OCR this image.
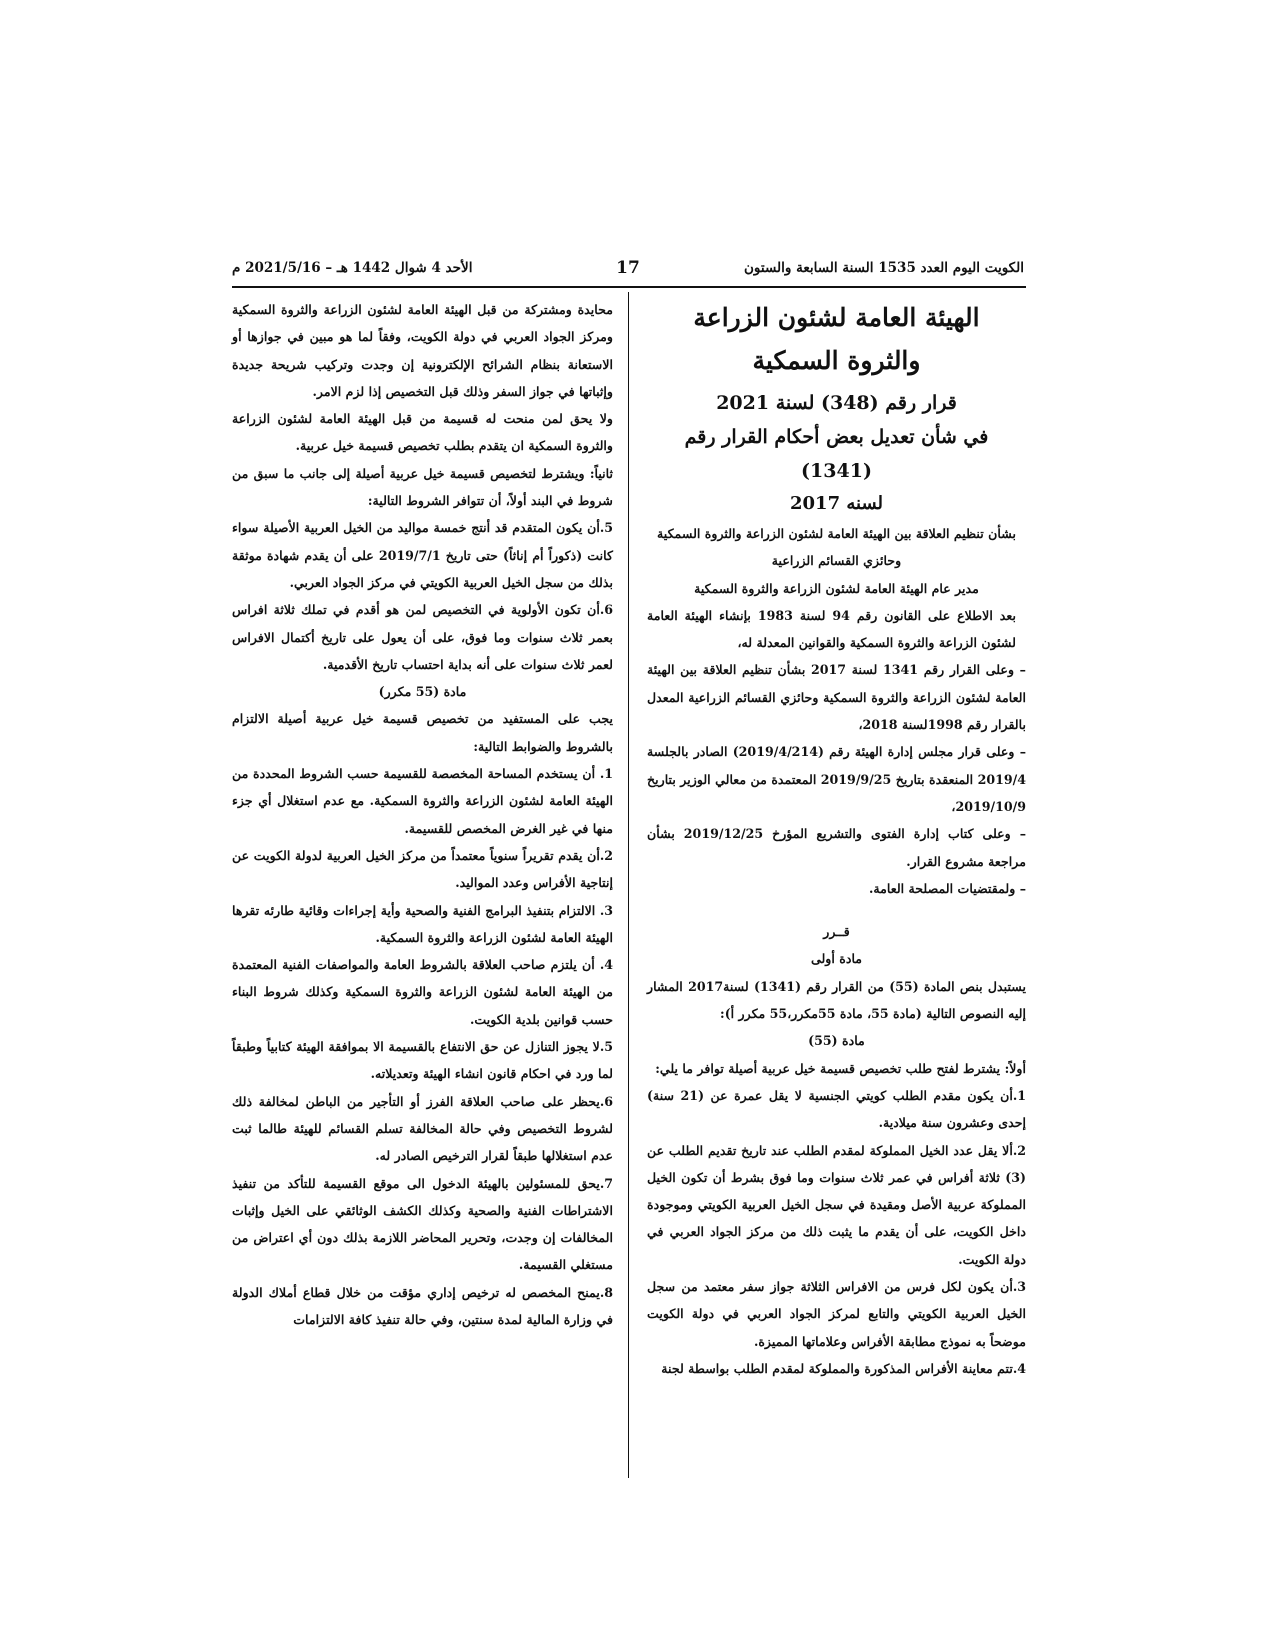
الكويت اليوم العدد 1535 السنة السابعة والستون
17
الأحد 4 شوال 1442 هـ – 2021/5/16 م

الهيئة العامة لشئون الزراعة

والثروة السمكية

قرار رقم (348) لسنة 2021

في شأن تعديل بعض أحكام القرار رقم (1341)

لسنه 2017

بشأن تنظيم العلاقة بين الهيئة العامة لشئون الزراعة والثروة السمكية

وحائزي القسائم الزراعية

مدير عام الهيئة العامة لشئون الزراعة والثروة السمكية

بعد الاطلاع على القانون رقم 94 لسنة 1983 بإنشاء الهيئة العامة لشئون الزراعة والثروة السمكية والقوانين المعدلة له،

– وعلى القرار رقم 1341 لسنة 2017 بشأن تنظيم العلاقة بين الهيئة العامة لشئون الزراعة والثروة السمكية وحائزي القسائم الزراعية المعدل بالقرار رقم 1998لسنة 2018،

– وعلى قرار مجلس إدارة الهيئة رقم (2019/4/214) الصادر بالجلسة 2019/4 المنعقدة بتاريخ 2019/9/25 المعتمدة من معالي الوزير بتاريخ 2019/10/9،

– وعلى كتاب إدارة الفتوى والتشريع المؤرخ 2019/12/25 بشأن مراجعة مشروع القرار.

– ولمقتضيات المصلحة العامة.

قــرر

مادة أولى

يستبدل بنص المادة (55) من القرار رقم (1341) لسنة2017 المشار إليه النصوص التالية (مادة 55، مادة 55مكرر،55 مكرر أ):

مادة (55)

أولاً: يشترط لفتح طلب تخصيص قسيمة خيل عربية أصيلة توافر ما يلي:

1.أن يكون مقدم الطلب كويتي الجنسية لا يقل عمرة عن (21 سنة) إحدى وعشرون سنة ميلادية.

2.ألا يقل عدد الخيل المملوكة لمقدم الطلب عند تاريخ تقديم الطلب عن (3) ثلاثة أفراس في عمر ثلاث سنوات وما فوق بشرط أن تكون الخيل المملوكة عربية الأصل ومقيدة في سجل الخيل العربية الكويتي وموجودة داخل الكويت، على أن يقدم ما يثبت ذلك من مركز الجواد العربي في دولة الكويت.

3.أن يكون لكل فرس من الافراس الثلاثة جواز سفر معتمد من سجل الخيل العربية الكويتي والتابع لمركز الجواد العربي في دولة الكويت موضحاً به نموذج مطابقة الأفراس وعلاماتها المميزة.

4.تتم معاينة الأفراس المذكورة والمملوكة لمقدم الطلب بواسطة لجنة

محايدة ومشتركة من قبل الهيئة العامة لشئون الزراعة والثروة السمكية ومركز الجواد العربي في دولة الكويت، وفقاً لما هو مبين في جوازها أو الاستعانة بنظام الشرائح الإلكترونية إن وجدت وتركيب شريحة جديدة وإثباتها في جواز السفر وذلك قبل التخصيص إذا لزم الامر.

ولا يحق لمن منحت له قسيمة من قبل الهيئة العامة لشئون الزراعة والثروة السمكية ان يتقدم بطلب تخصيص قسيمة خيل عربية.

ثانياً: ويشترط لتخصيص قسيمة خيل عربية أصيلة إلى جانب ما سبق من شروط في البند أولاً، أن تتوافر الشروط التالية:

5.أن يكون المتقدم قد أنتج خمسة مواليد من الخيل العربية الأصيلة سواء كانت (ذكوراً أم إناثاً) حتى تاريخ 2019/7/1 على أن يقدم شهادة موثقة بذلك من سجل الخيل العربية الكويتي في مركز الجواد العربي.

6.أن تكون الأولوية في التخصيص لمن هو أقدم في تملك ثلاثة افراس بعمر ثلاث سنوات وما فوق، على أن يعول على تاريخ أكتمال الافراس لعمر ثلاث سنوات على أنه بداية احتساب تاريخ الأقدمية.

مادة (55 مكرر)

يجب على المستفيد من تخصيص قسيمة خيل عربية أصيلة الالتزام بالشروط والضوابط التالية:

1. أن يستخدم المساحة المخصصة للقسيمة حسب الشروط المحددة من الهيئة العامة لشئون الزراعة والثروة السمكية. مع عدم استغلال أي جزء منها في غير الغرض المخصص للقسيمة.

2.أن يقدم تقريراً سنوياً معتمداً من مركز الخيل العربية لدولة الكويت عن إنتاجية الأفراس وعدد المواليد.

3. الالتزام بتنفيذ البرامج الفنية والصحية وأية إجراءات وقائية طارئه تقرها الهيئة العامة لشئون الزراعة والثروة السمكية.

4. أن يلتزم صاحب العلاقة بالشروط العامة والمواصفات الفنية المعتمدة من الهيئة العامة لشئون الزراعة والثروة السمكية وكذلك شروط البناء حسب قوانين بلدية الكويت.

5.لا يجوز التنازل عن حق الانتفاع بالقسيمة الا بموافقة الهيئة كتابياً وطبقاً لما ورد في احكام قانون انشاء الهيئة وتعديلاته.

6.يحظر على صاحب العلاقة الفرز أو التأجير من الباطن لمخالفة ذلك لشروط التخصيص وفي حالة المخالفة تسلم القسائم للهيئة طالما ثبت عدم استغلالها طبقاً لقرار الترخيص الصادر له.

7.يحق للمسئولين بالهيئة الدخول الى موقع القسيمة للتأكد من تنفيذ الاشتراطات الفنية والصحية وكذلك الكشف الوثائقي على الخيل وإثبات المخالفات إن وجدت، وتحرير المحاضر اللازمة بذلك دون أي اعتراض من مستغلي القسيمة.

8.يمنح المخصص له ترخيص إداري مؤقت من خلال قطاع أملاك الدولة في وزارة المالية لمدة سنتين، وفي حالة تنفيذ كافة الالتزامات
